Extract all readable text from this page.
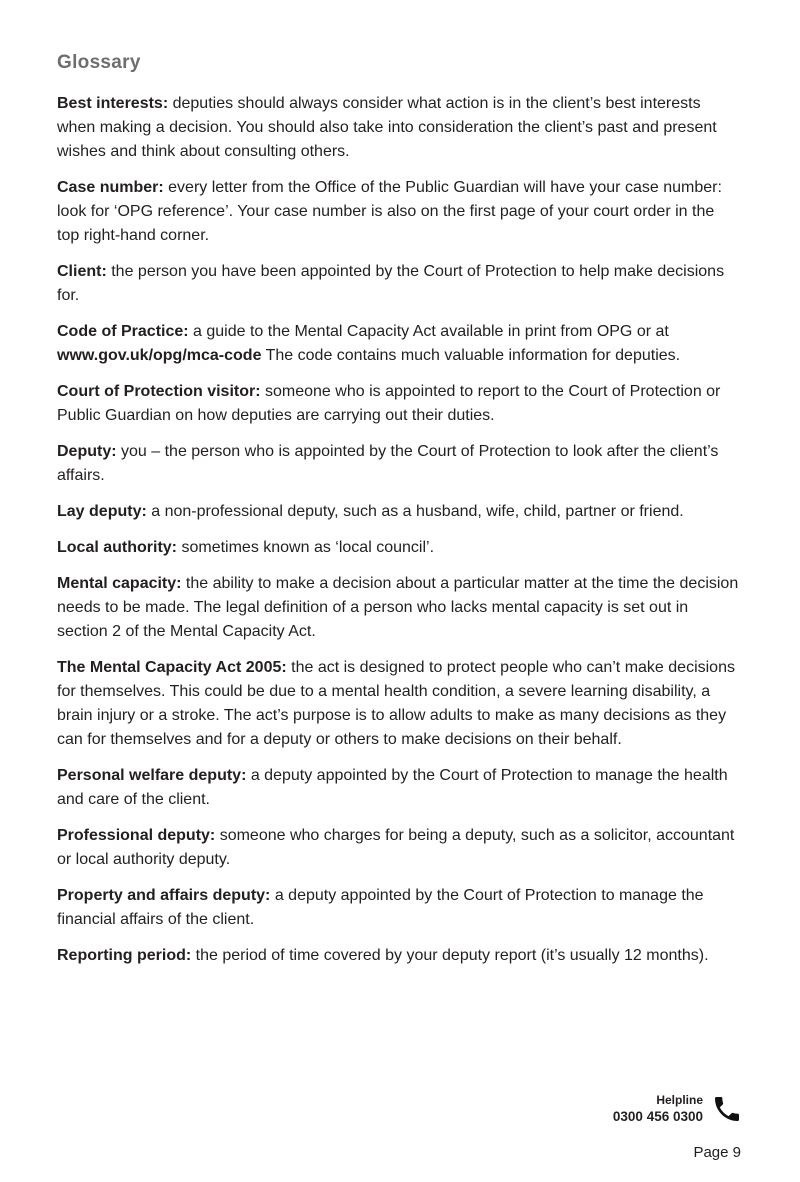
Glossary

Best interests: deputies should always consider what action is in the client’s best interests when making a decision. You should also take into consideration the client’s past and present wishes and think about consulting others.

Case number: every letter from the Office of the Public Guardian will have your case number: look for ‘OPG reference’. Your case number is also on the first page of your court order in the top right-hand corner.

Client: the person you have been appointed by the Court of Protection to help make decisions for.

Code of Practice: a guide to the Mental Capacity Act available in print from OPG or at www.gov.uk/opg/mca-code The code contains much valuable information for deputies.

Court of Protection visitor: someone who is appointed to report to the Court of Protection or Public Guardian on how deputies are carrying out their duties.

Deputy: you – the person who is appointed by the Court of Protection to look after the client’s affairs.

Lay deputy: a non-professional deputy, such as a husband, wife, child, partner or friend.

Local authority: sometimes known as ‘local council’.

Mental capacity: the ability to make a decision about a particular matter at the time the decision needs to be made. The legal definition of a person who lacks mental capacity is set out in section 2 of the Mental Capacity Act.

The Mental Capacity Act 2005: the act is designed to protect people who can’t make decisions for themselves. This could be due to a mental health condition, a severe learning disability, a brain injury or a stroke. The act’s purpose is to allow adults to make as many decisions as they can for themselves and for a deputy or others to make decisions on their behalf.

Personal welfare deputy: a deputy appointed by the Court of Protection to manage the health and care of the client.

Professional deputy: someone who charges for being a deputy, such as a solicitor, accountant or local authority deputy.

Property and affairs deputy: a deputy appointed by the Court of Protection to manage the financial affairs of the client.

Reporting period: the period of time covered by your deputy report (it’s usually 12 months).

Helpline
0300 456 0300
Page 9
